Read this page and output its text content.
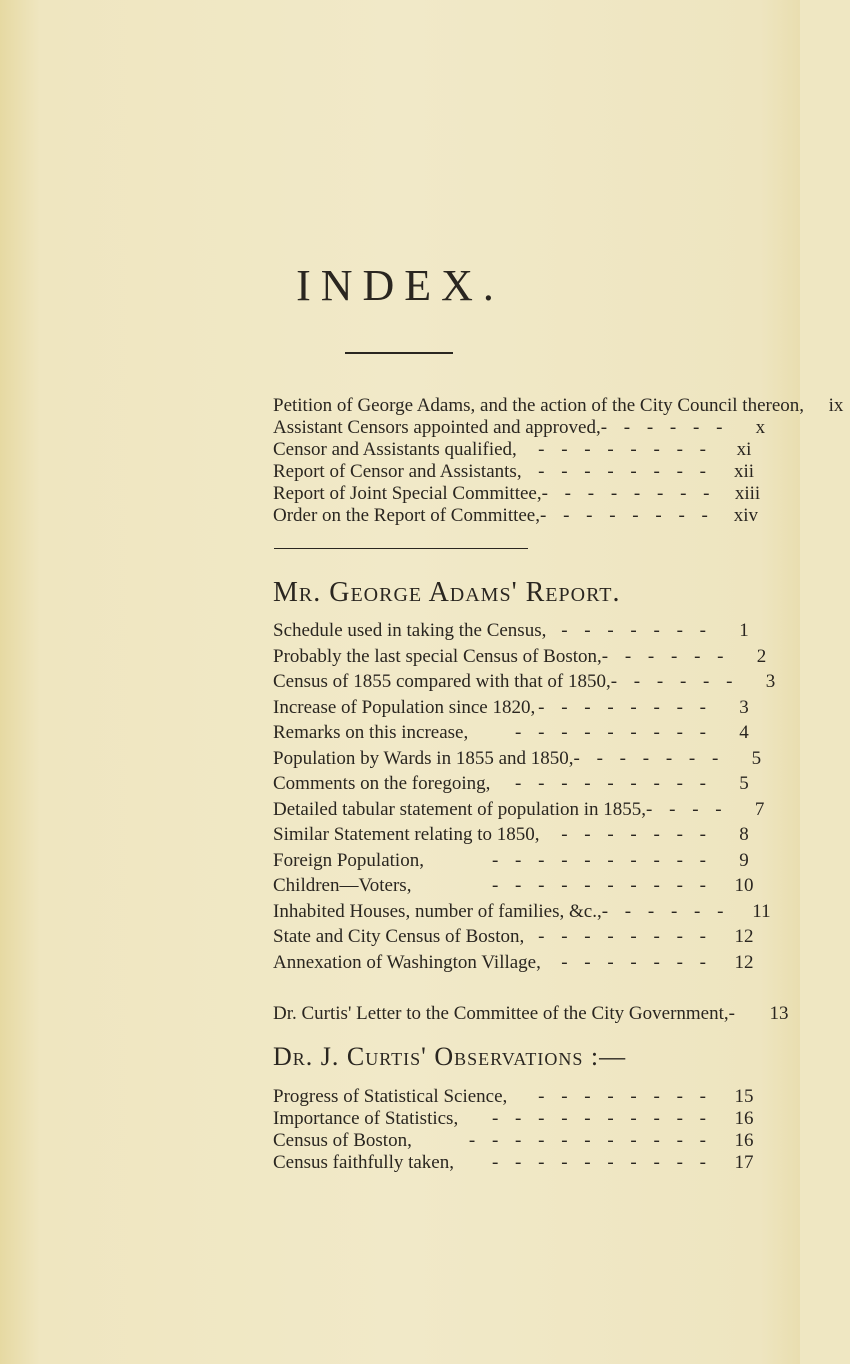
INDEX.
Petition of George Adams, and the action of the City Council thereon,	ix
Assistant Censors appointed and approved, - - - - - -	x
Censor and Assistants qualified,	- - - - - - - -	xi
Report of Censor and Assistants, - - - - - - - -	xii
Report of Joint Special Committee, - - - - - - - -	xiii
Order on the Report of Committee, - - - - - - - -	xiv
Mr. George Adams' Report.
Schedule used in taking the Census, - - - - - - -	1
Probably the last special Census of Boston, - - - - - -	2
Census of 1855 compared with that of 1850, - - - - - -	3
Increase of Population since 1820, - - - - - - - -	3
Remarks on this increase,	- - - - - - - - -	4
Population by Wards in 1855 and 1850, - - - - - - -	5
Comments on the foregoing,	- - - - - - - - -	5
Detailed tabular statement of population in 1855, - - - -	7
Similar Statement relating to 1850,	- - - - - - -	8
Foreign Population,	- - - - - - - - - -	9
Children—Voters,	- - - - - - - - - -	10
Inhabited Houses, number of families, &c., - - - - - -	11
State and City Census of Boston, - - - - - - - -	12
Annexation of Washington Village,	- - - - - - -	12
Dr. Curtis' Letter to the Committee of the City Government, -	13
Dr. J. Curtis' Observations :—
Progress of Statistical Science,	- - - - - - - -	15
Importance of Statistics,	- - - - - - - - - -	16
Census of Boston,	- - - - - - - - - - -	16
Census faithfully taken,	- - - - - - - - - -	17
